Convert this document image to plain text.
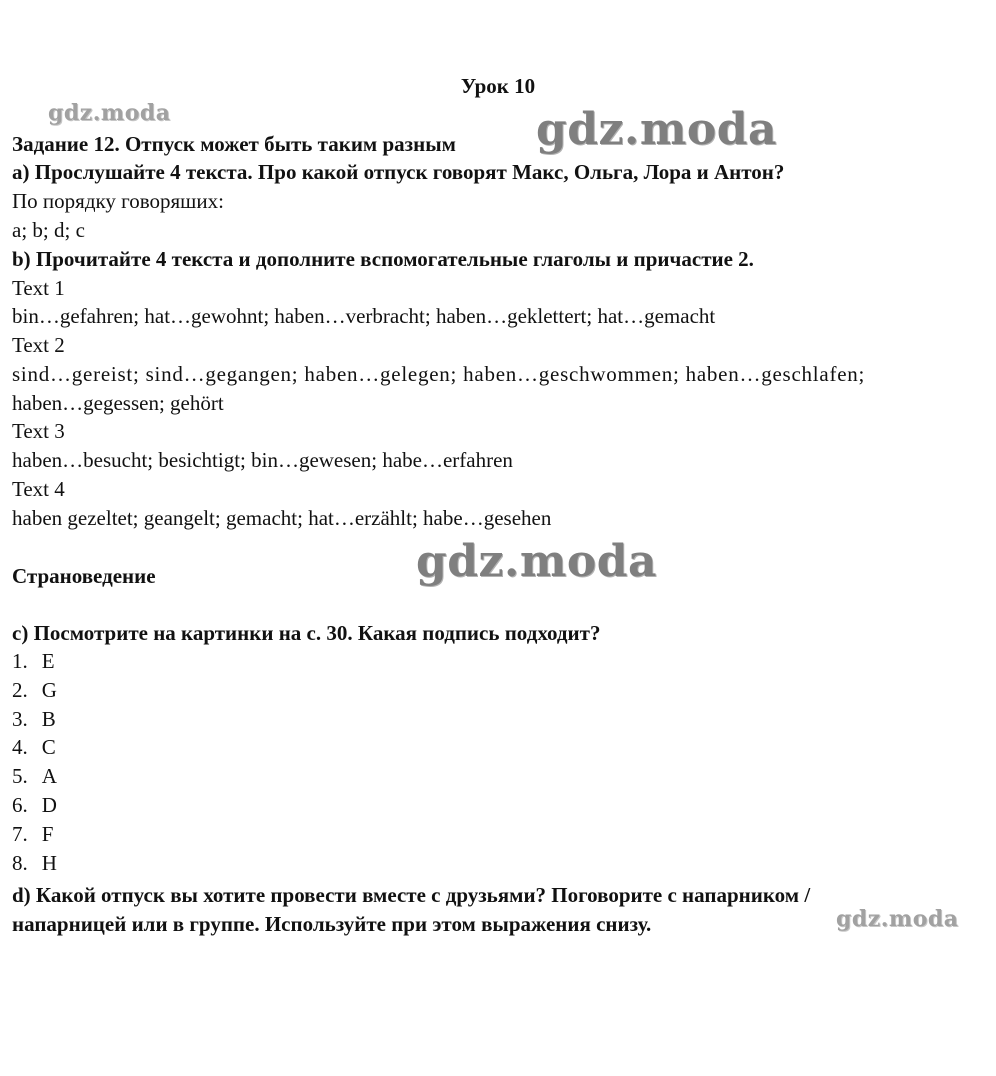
Урок 10
Задание 12. Отпуск может быть таким разным
а) Прослушайте 4 текста. Про какой отпуск говорят Макс, Ольга, Лора и Антон?
По порядку говоряших:
a; b; d; c
b) Прочитайте 4 текста и дополните вспомогательные глаголы и причастие 2.
Text 1
bin…gefahren; hat…gewohnt; haben…verbracht; haben…geklettert; hat…gemacht
Text 2
sind…gereist; sind…gegangen; haben…gelegen; haben…geschwommen; haben…geschlafen;
haben…gegessen; gehört
Text 3
haben…besucht; besichtigt; bin…gewesen; habe…erfahren
Text 4
haben gezeltet; geangelt; gemacht; hat…erzählt; habe…gesehen
Страноведение
c) Посмотрите на картинки на с. 30. Какая подпись подходит?
1. E
2. G
3. B
4. C
5. A
6. D
7. F
8. H
d) Какой отпуск вы хотите провести вместе с друзьями? Поговорите с напарником /
напарницей или в группе. Используйте при этом выражения снизу.
gdz.moda	gdz.moda
gdz.moda
gdz.moda
